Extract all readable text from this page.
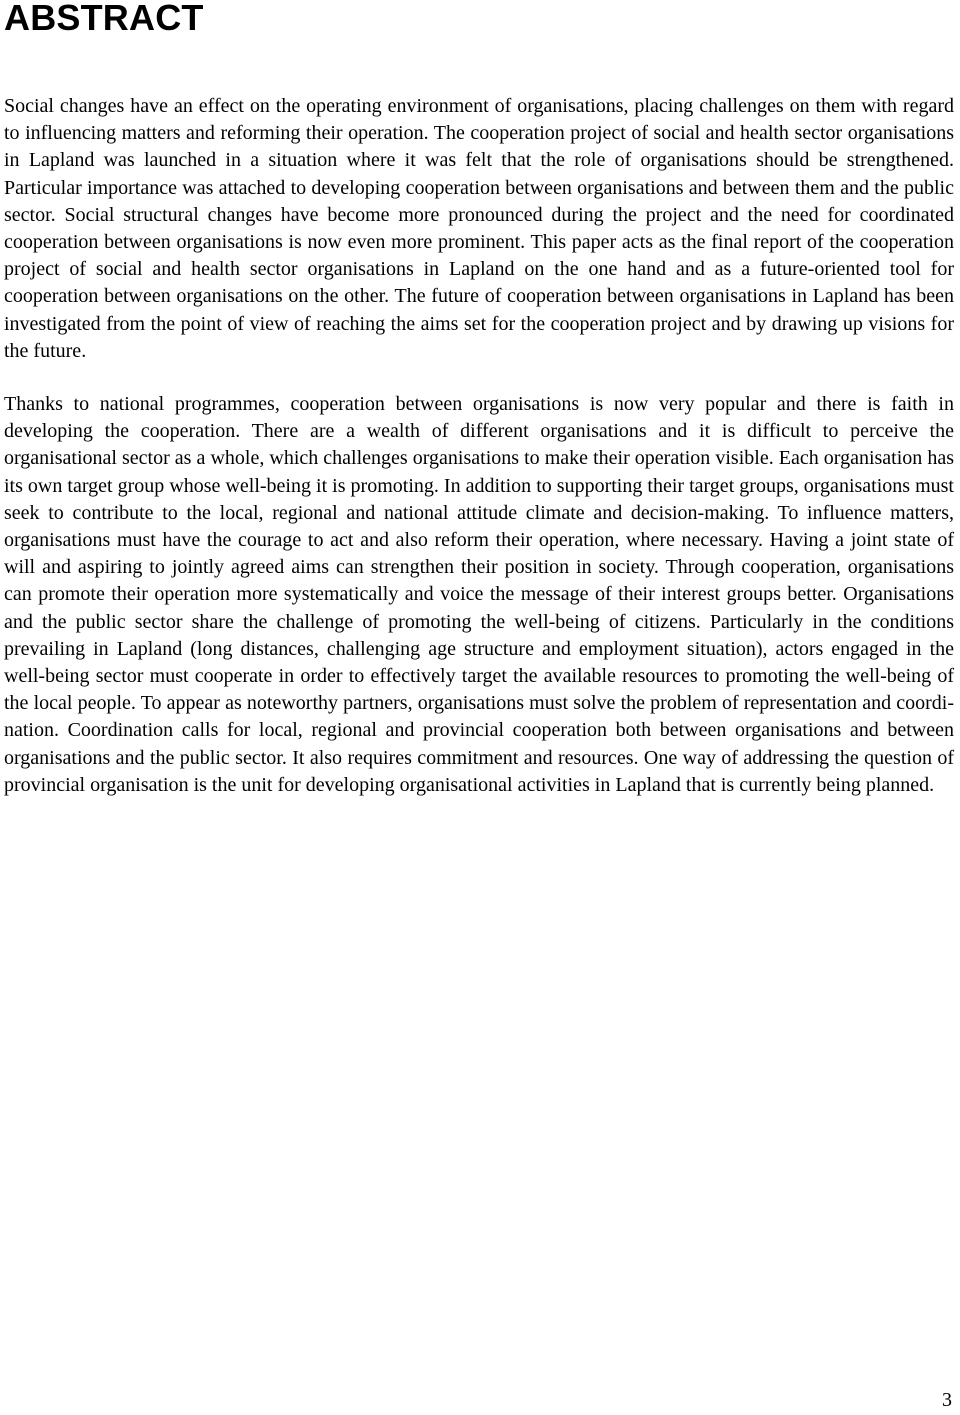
ABSTRACT

Social changes have an effect on the operating environment of organisations, placing challenges on them with regard to influencing matters and reforming their operation. The cooperation project of social and health sector organisations in Lapland was launched in a situation where it was felt that the role of organisations should be strengthened. Particular importance was attached to developing cooperation between organisations and between them and the public sector. Social structural changes have become more pronounced during the project and the need for coordinated cooperation between organisations is now even more prominent. This paper acts as the final report of the cooperation project of social and health sector organisations in Lapland on the one hand and as a future-oriented tool for cooperation between organisations on the other. The future of cooperation between organisations in Lapland has been investigated from the point of view of reaching the aims set for the cooperation project and by drawing up visions for the future.

Thanks to national programmes, cooperation between organisations is now very popular and there is faith in developing the cooperation. There are a wealth of different organisations and it is difficult to perceive the organisational sector as a whole, which challenges organisations to make their operation visible. Each organisation has its own target group whose well-being it is promoting. In addition to supporting their target groups, organisations must seek to contribute to the local, regional and national attitude climate and decision-making. To influence matters, organisations must have the courage to act and also reform their operation, where necessary. Having a joint state of will and aspiring to jointly agreed aims can strengthen their position in society. Through cooperation, organisations can promote their operation more systematically and voice the message of their interest groups better. Organisations and the public sector share the challenge of promoting the well-being of citizens. Particularly in the conditions prevailing in Lapland (long distances, challenging age structure and employment situation), actors engaged in the well-being sector must cooperate in order to effectively target the available resources to promoting the well-being of the local people. To appear as noteworthy partners, organisations must solve the problem of representation and coordination. Coordination calls for local, regional and provincial cooperation both between organisations and between organisations and the public sector. It also requires commitment and resources. One way of addressing the question of provincial organisation is the unit for developing organisational activities in Lapland that is currently being planned.

3
